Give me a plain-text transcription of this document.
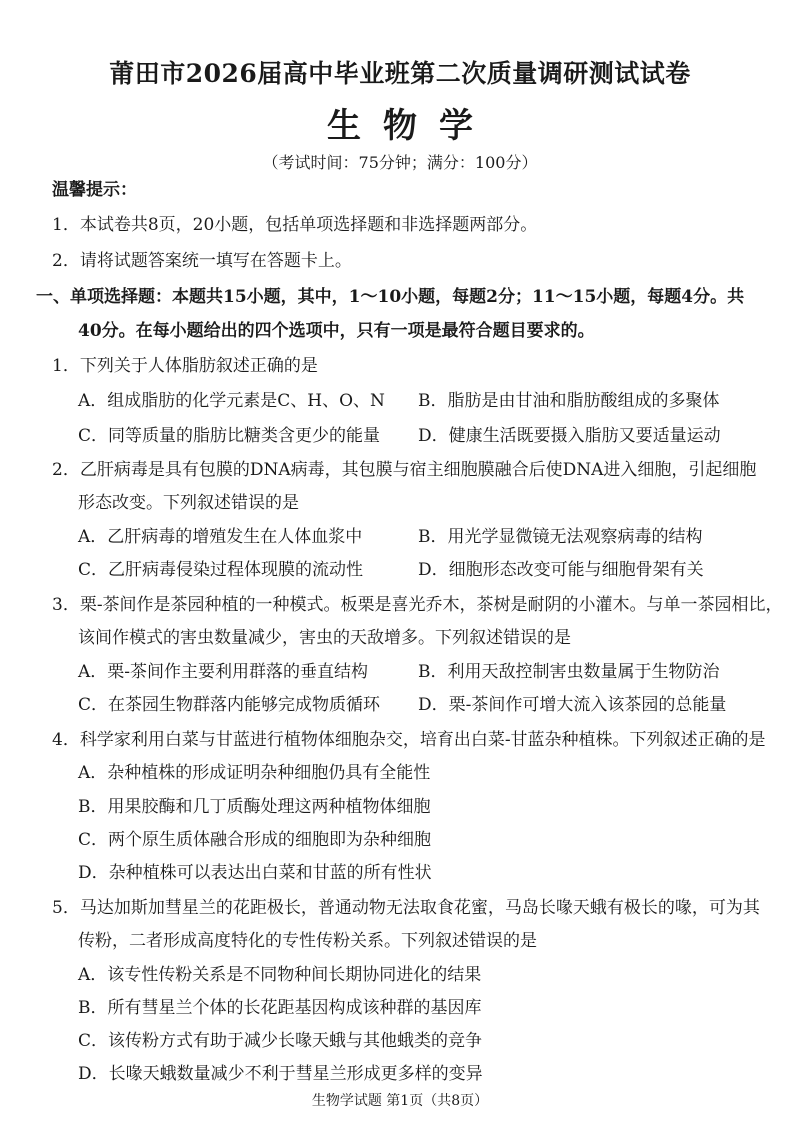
莆田市2026届高中毕业班第二次质量调研测试试卷
生物学
（考试时间：75分钟；满分：100分）
温馨提示：
1．本试卷共8页，20小题，包括单项选择题和非选择题两部分。
2．请将试题答案统一填写在答题卡上。
一、单项选择题：本题共15小题，其中，1～10小题，每题2分；11～15小题，每题4分。共
40分。在每小题给出的四个选项中，只有一项是最符合题目要求的。
1．下列关于人体脂肪叙述正确的是
A．组成脂肪的化学元素是C、H、O、N B．脂肪是由甘油和脂肪酸组成的多聚体
C．同等质量的脂肪比糖类含更少的能量 D．健康生活既要摄入脂肪又要适量运动
2．乙肝病毒是具有包膜的DNA病毒，其包膜与宿主细胞膜融合后使DNA进入细胞，引起细胞
形态改变。下列叙述错误的是
A．乙肝病毒的增殖发生在人体血浆中	B．用光学显微镜无法观察病毒的结构
C．乙肝病毒侵染过程体现膜的流动性	D．细胞形态改变可能与细胞骨架有关
3．栗-茶间作是茶园种植的一种模式。板栗是喜光乔木，茶树是耐阴的小灌木。与单一茶园相比，
该间作模式的害虫数量减少，害虫的天敌增多。下列叙述错误的是
A．栗-茶间作主要利用群落的垂直结构	B．利用天敌控制害虫数量属于生物防治
C．在茶园生物群落内能够完成物质循环 D．栗-茶间作可增大流入该茶园的总能量
4．科学家利用白菜与甘蓝进行植物体细胞杂交，培育出白菜-甘蓝杂种植株。下列叙述正确的是
A．杂种植株的形成证明杂种细胞仍具有全能性
B．用果胶酶和几丁质酶处理这两种植物体细胞
C．两个原生质体融合形成的细胞即为杂种细胞
D．杂种植株可以表达出白菜和甘蓝的所有性状
5．马达加斯加彗星兰的花距极长，普通动物无法取食花蜜，马岛长喙天蛾有极长的喙，可为其
传粉，二者形成高度特化的专性传粉关系。下列叙述错误的是
A．该专性传粉关系是不同物种间长期协同进化的结果
B．所有彗星兰个体的长花距基因构成该种群的基因库
C．该传粉方式有助于减少长喙天蛾与其他蛾类的竞争
D．长喙天蛾数量减少不利于彗星兰形成更多样的变异
生物学试题 第1页（共8页）
